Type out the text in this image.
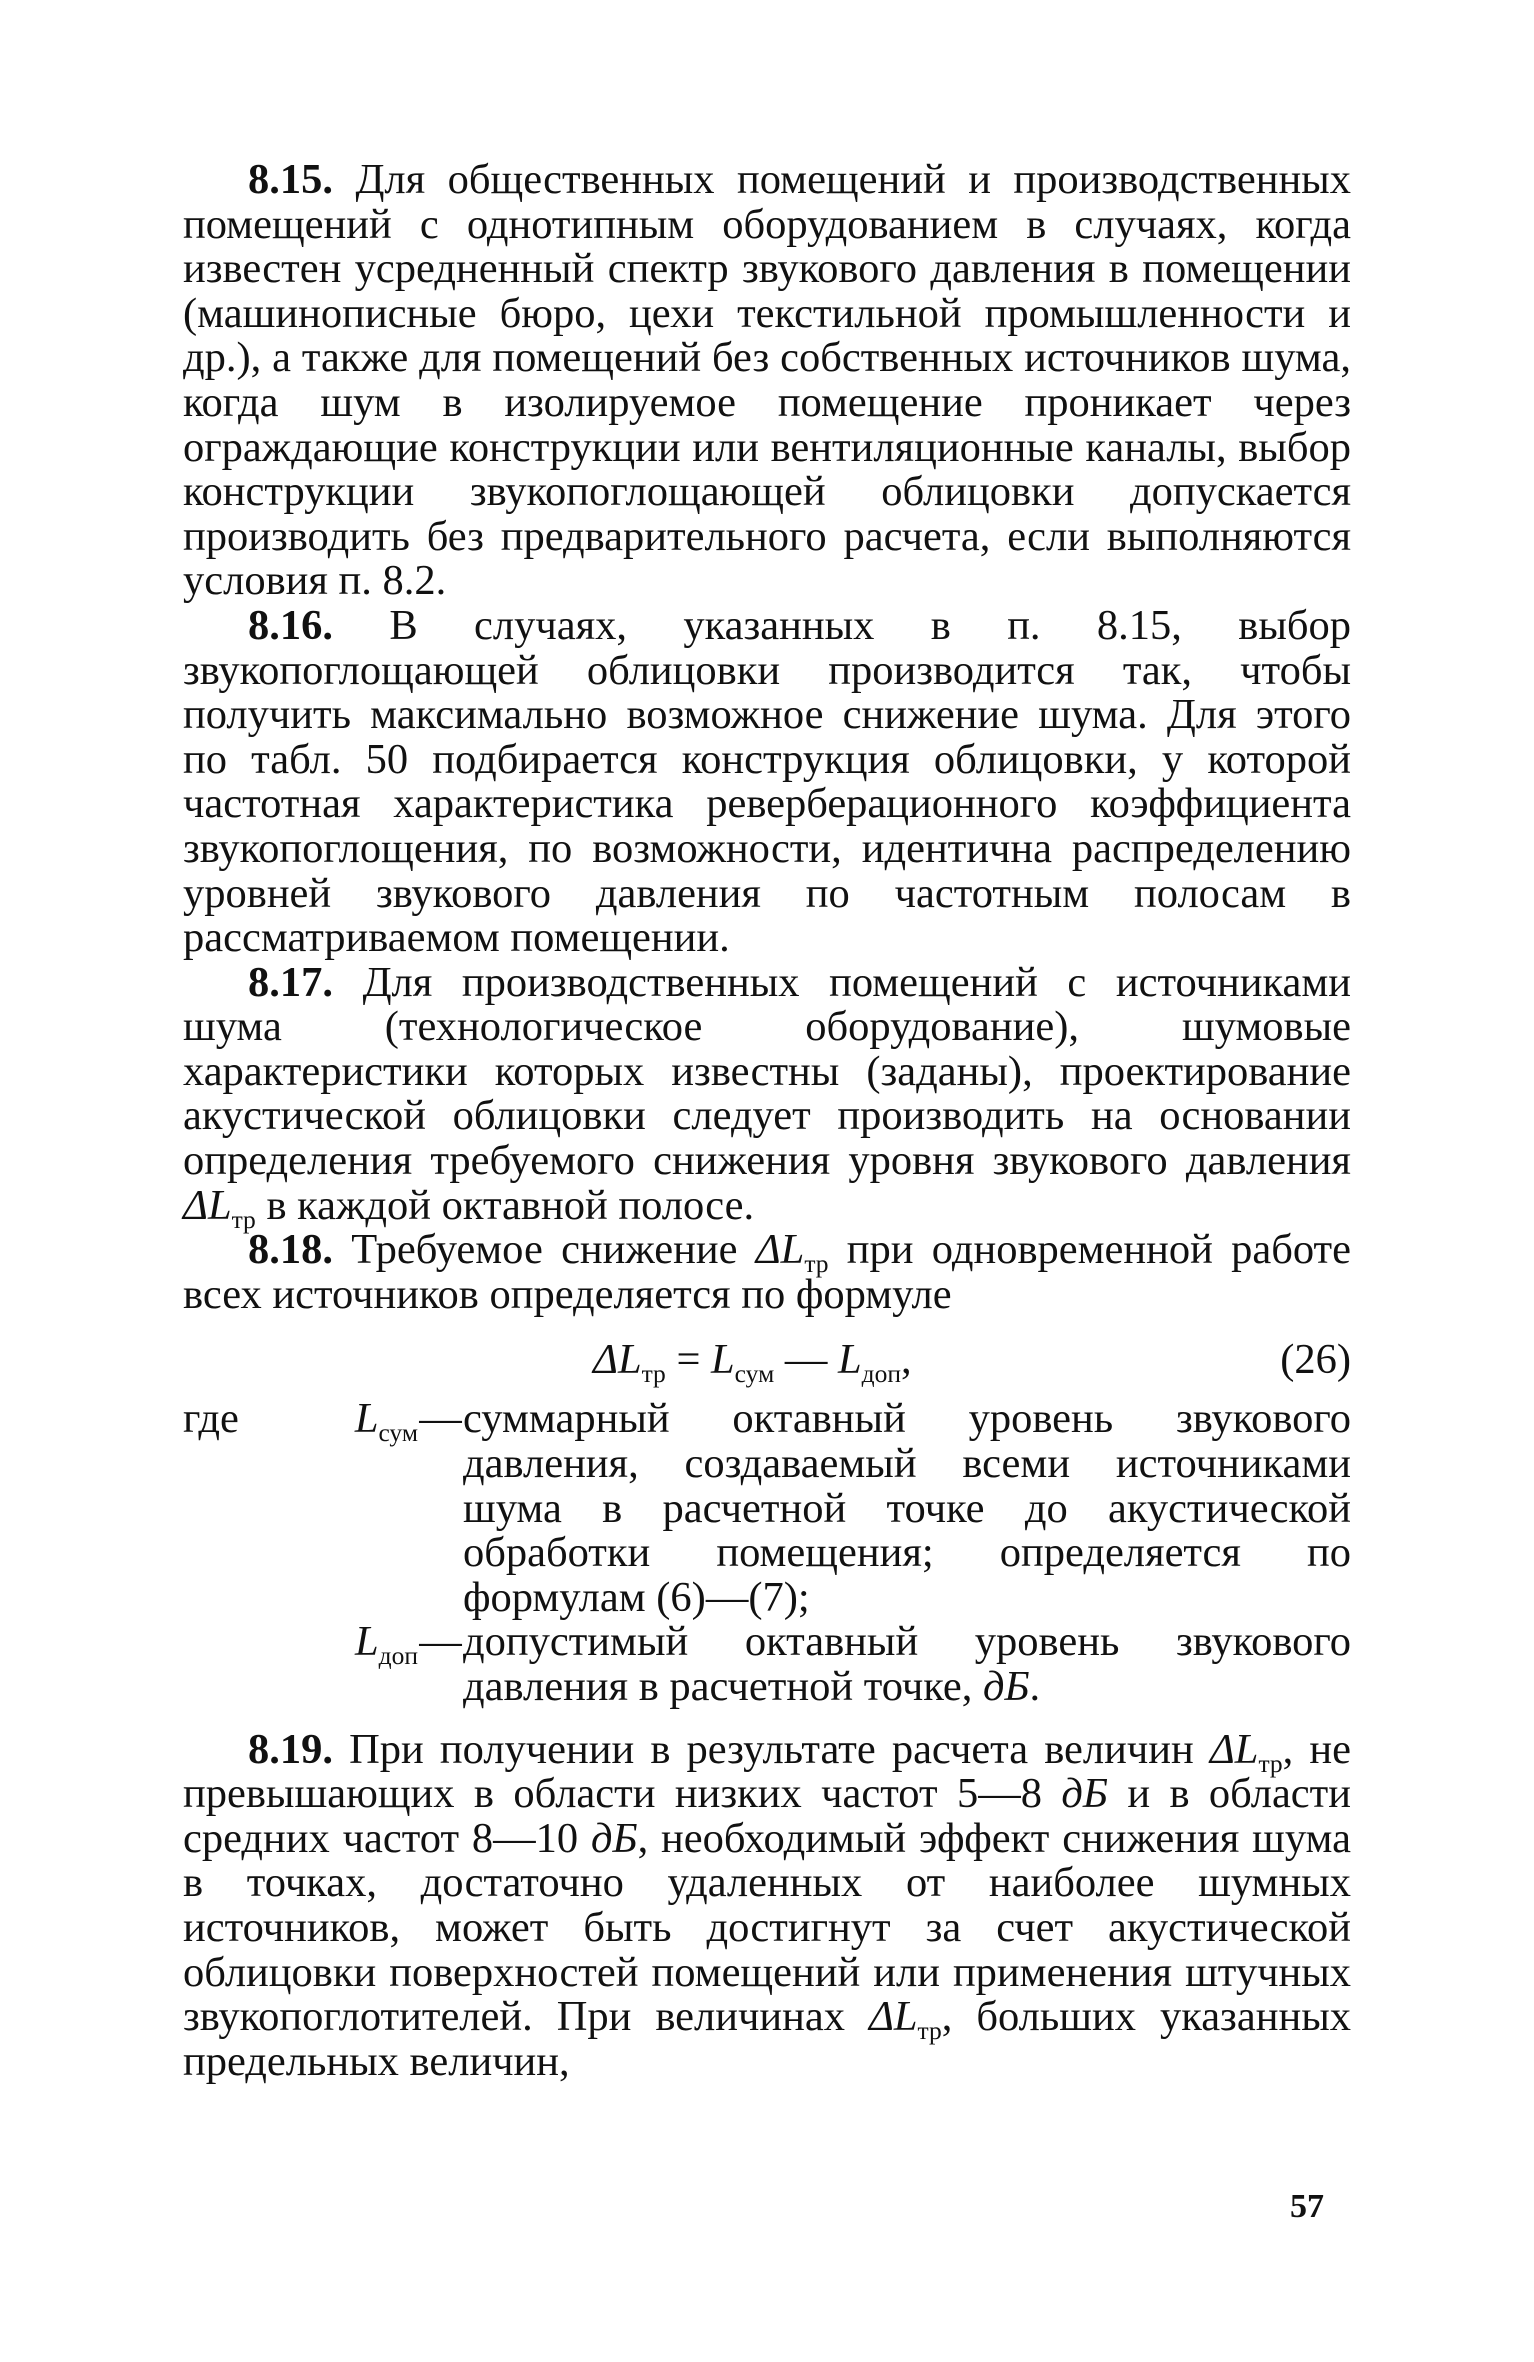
8.15. Для общественных помещений и производственных помещений с однотипным оборудованием в случаях, когда известен усредненный спектр звукового давления в помещении (машинописные бюро, цехи текстильной промышленности и др.), а также для помещений без собственных источников шума, когда шум в изолируемое помещение проникает через ограждающие конструкции или вентиляционные каналы, выбор конструкции звукопоглощающей облицовки допускается производить без предварительного расчета, если выполняются условия п. 8.2.

8.16. В случаях, указанных в п. 8.15, выбор звукопоглощающей облицовки производится так, чтобы получить максимально возможное снижение шума. Для этого по табл. 50 подбирается конструкция облицовки, у которой частотная характеристика реверберационного коэффициента звукопоглощения, по возможности, идентична распределению уровней звукового давления по частотным полосам в рассматриваемом помещении.

8.17. Для производственных помещений с источниками шума (технологическое оборудование), шумовые характеристики которых известны (заданы), проектирование акустической облицовки следует производить на основании определения требуемого снижения уровня звукового давления $\Delta L_{тр}$ в каждой октавной полосе.

8.18. Требуемое снижение $\Delta L_{тр}$ при одновременной работе всех источников определяется по формуле

$\Delta L_{тр} = L_{сум}$ — $L_{доп}$,	(26)
где	$L_{сум}$ — суммарный октавный уровень звукового давления, создаваемый всеми источниками шума в расчетной точке до акустической обработки помещения; определяется по формулам (6)—(7);
$L_{доп}$ — допустимый октавный уровень звукового давления в расчетной точке, дБ.

8.19. При получении в результате расчета величин $\Delta L_{тр}$, не превышающих в области низких частот 5—8 дБ и в области средних частот 8—10 дБ, необходимый эффект снижения шума в точках, достаточно удаленных от наиболее шумных источников, может быть достигнут за счет акустической облицовки поверхностей помещений или применения штучных звукопоглотителей. При величинах $\Delta L_{тр}$, больших указанных предельных величин,

57
